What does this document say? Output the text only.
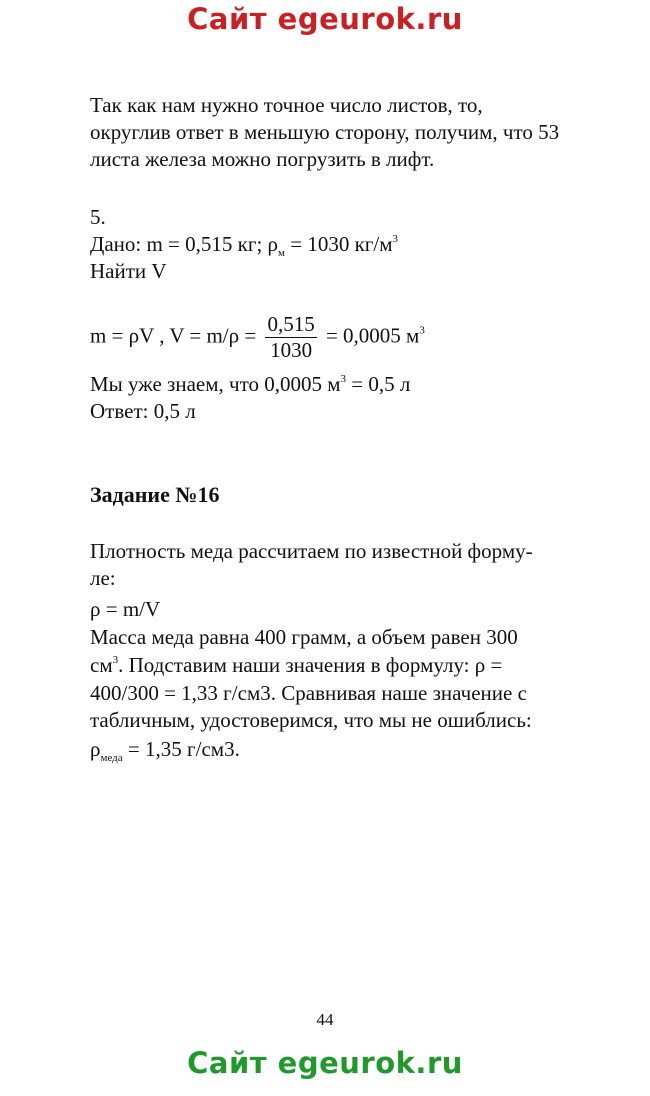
Сайт egeurok.ru
Так как нам нужно точное число листов, то,
округлив ответ в меньшую сторону, получим, что 53
листа железа можно погрузить в лифт.
5.
Дано: m = 0,515 кг; $\rho_м = 1030$ $кг/м^3$
Найти V
m = ρV , $V = m/\rho = \frac{0,515}{1030} = 0,0005$ $м^3$
Мы уже знаем, что 0,0005 $м^3 = 0,5$ л
Ответ: 0,5 л
Задание №16
Плотность меда рассчитаем по известной форму-
ле:
ρ = m/V
Масса меда равна 400 грамм, а объем равен 300
$см^3$. Подставим наши значения в формулу: ρ =
400/300 = 1,33 г/см3. Сравнивая наше значение с
табличным, удостоверимся, что мы не ошиблись:
$\rho_{меда} = 1,35$ г/см3.
44
Сайт egeurok.ru
